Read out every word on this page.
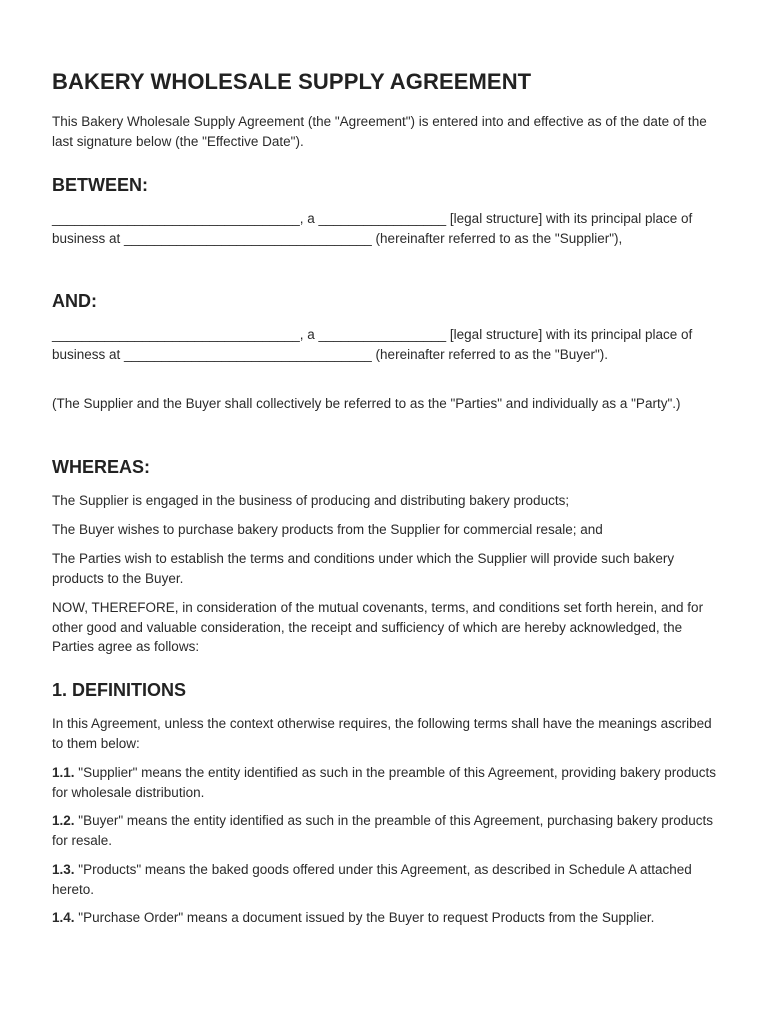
BAKERY WHOLESALE SUPPLY AGREEMENT

This Bakery Wholesale Supply Agreement (the "Agreement") is entered into and effective as of the date of the last signature below (the "Effective Date").

BETWEEN:

_________________________________, a _________________ [legal structure] with its principal place of business at _________________________________ (hereinafter referred to as the "Supplier"),

AND:

_________________________________, a _________________ [legal structure] with its principal place of business at _________________________________ (hereinafter referred to as the "Buyer").

(The Supplier and the Buyer shall collectively be referred to as the "Parties" and individually as a "Party".)

WHEREAS:

The Supplier is engaged in the business of producing and distributing bakery products;

The Buyer wishes to purchase bakery products from the Supplier for commercial resale; and

The Parties wish to establish the terms and conditions under which the Supplier will provide such bakery products to the Buyer.

NOW, THEREFORE, in consideration of the mutual covenants, terms, and conditions set forth herein, and for other good and valuable consideration, the receipt and sufficiency of which are hereby acknowledged, the Parties agree as follows:

1. DEFINITIONS

In this Agreement, unless the context otherwise requires, the following terms shall have the meanings ascribed to them below:

1.1. "Supplier" means the entity identified as such in the preamble of this Agreement, providing bakery products for wholesale distribution.

1.2. "Buyer" means the entity identified as such in the preamble of this Agreement, purchasing bakery products for resale.

1.3. "Products" means the baked goods offered under this Agreement, as described in Schedule A attached hereto.

1.4. "Purchase Order" means a document issued by the Buyer to request Products from the Supplier.
